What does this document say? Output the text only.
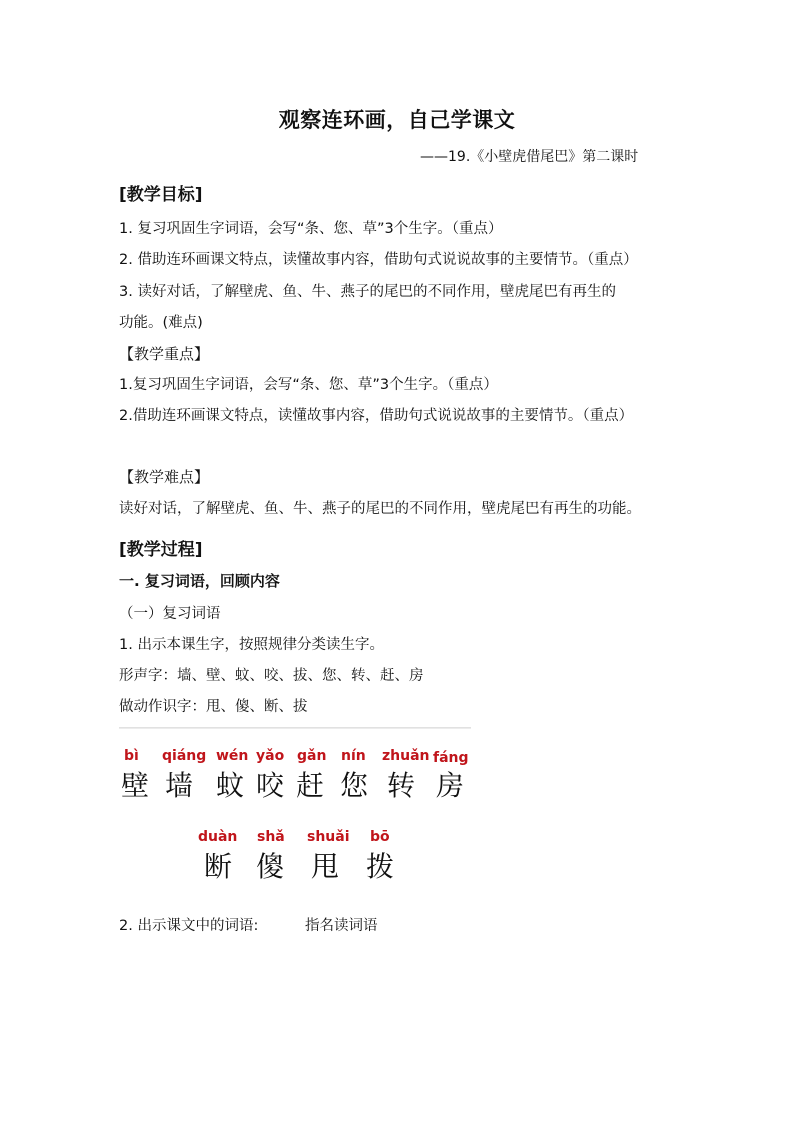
观察连环画，自己学课文
——19.《小壁虎借尾巴》第二课时
[教学目标]
1. 复习巩固生字词语，会写“条、您、草”3个生字。（重点）
2. 借助连环画课文特点，读懂故事内容，借助句式说说故事的主要情节。（重点）
3. 读好对话，了解壁虎、鱼、牛、燕子的尾巴的不同作用，壁虎尾巴有再生的
功能。(难点)
【教学重点】
1.复习巩固生字词语，会写“条、您、草”3个生字。（重点）
2.借助连环画课文特点，读懂故事内容，借助句式说说故事的主要情节。（重点）
【教学难点】
读好对话，了解壁虎、鱼、牛、燕子的尾巴的不同作用，壁虎尾巴有再生的功能。
[教学过程]
一. 复习词语，回顾内容
（一）复习词语
1. 出示本课生字，按照规律分类读生字。
形声字：墙、壁、蚊、咬、拔、您、转、赶、房
做动作识字：甩、傻、断、拔
bì
壁
qiáng
墙
wén
蚊
yǎo
咬
gǎn
赶
nín
您
zhuǎn
转
fáng
房
duàn
断
shǎ
傻
shuǎi
甩
bō
拨
2. 出示课文中的词语:	指名读词语
